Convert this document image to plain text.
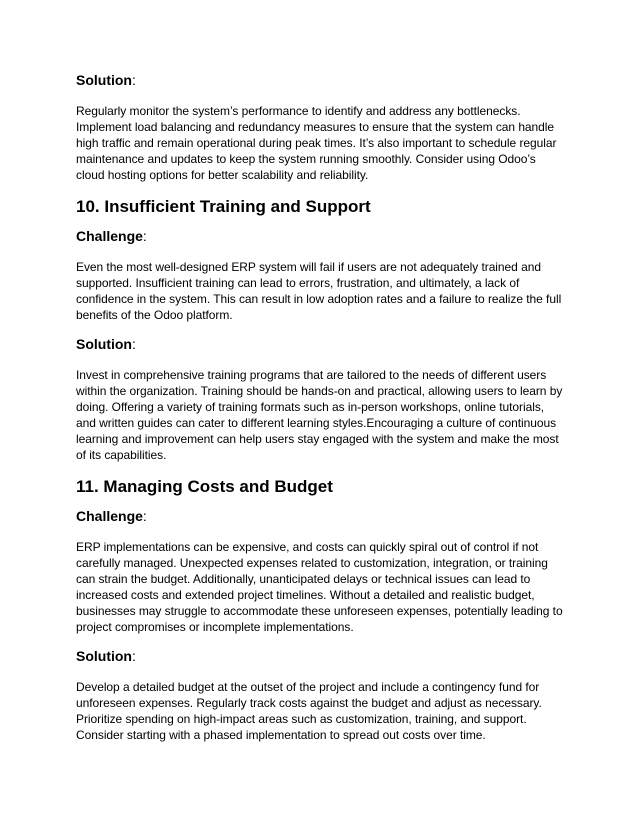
Solution:

Regularly monitor the system’s performance to identify and address any bottlenecks. Implement load balancing and redundancy measures to ensure that the system can handle high traffic and remain operational during peak times. It’s also important to schedule regular maintenance and updates to keep the system running smoothly. Consider using Odoo’s cloud hosting options for better scalability and reliability.

10. Insufficient Training and Support

Challenge:

Even the most well-designed ERP system will fail if users are not adequately trained and supported. Insufficient training can lead to errors, frustration, and ultimately, a lack of confidence in the system. This can result in low adoption rates and a failure to realize the full benefits of the Odoo platform.

Solution:

Invest in comprehensive training programs that are tailored to the needs of different users within the organization. Training should be hands-on and practical, allowing users to learn by doing. Offering a variety of training formats such as in-person workshops, online tutorials, and written guides can cater to different learning styles.Encouraging a culture of continuous learning and improvement can help users stay engaged with the system and make the most of its capabilities.

11. Managing Costs and Budget

Challenge:

ERP implementations can be expensive, and costs can quickly spiral out of control if not carefully managed. Unexpected expenses related to customization, integration, or training can strain the budget. Additionally, unanticipated delays or technical issues can lead to increased costs and extended project timelines. Without a detailed and realistic budget, businesses may struggle to accommodate these unforeseen expenses, potentially leading to project compromises or incomplete implementations.

Solution:

Develop a detailed budget at the outset of the project and include a contingency fund for unforeseen expenses. Regularly track costs against the budget and adjust as necessary. Prioritize spending on high-impact areas such as customization, training, and support. Consider starting with a phased implementation to spread out costs over time.
